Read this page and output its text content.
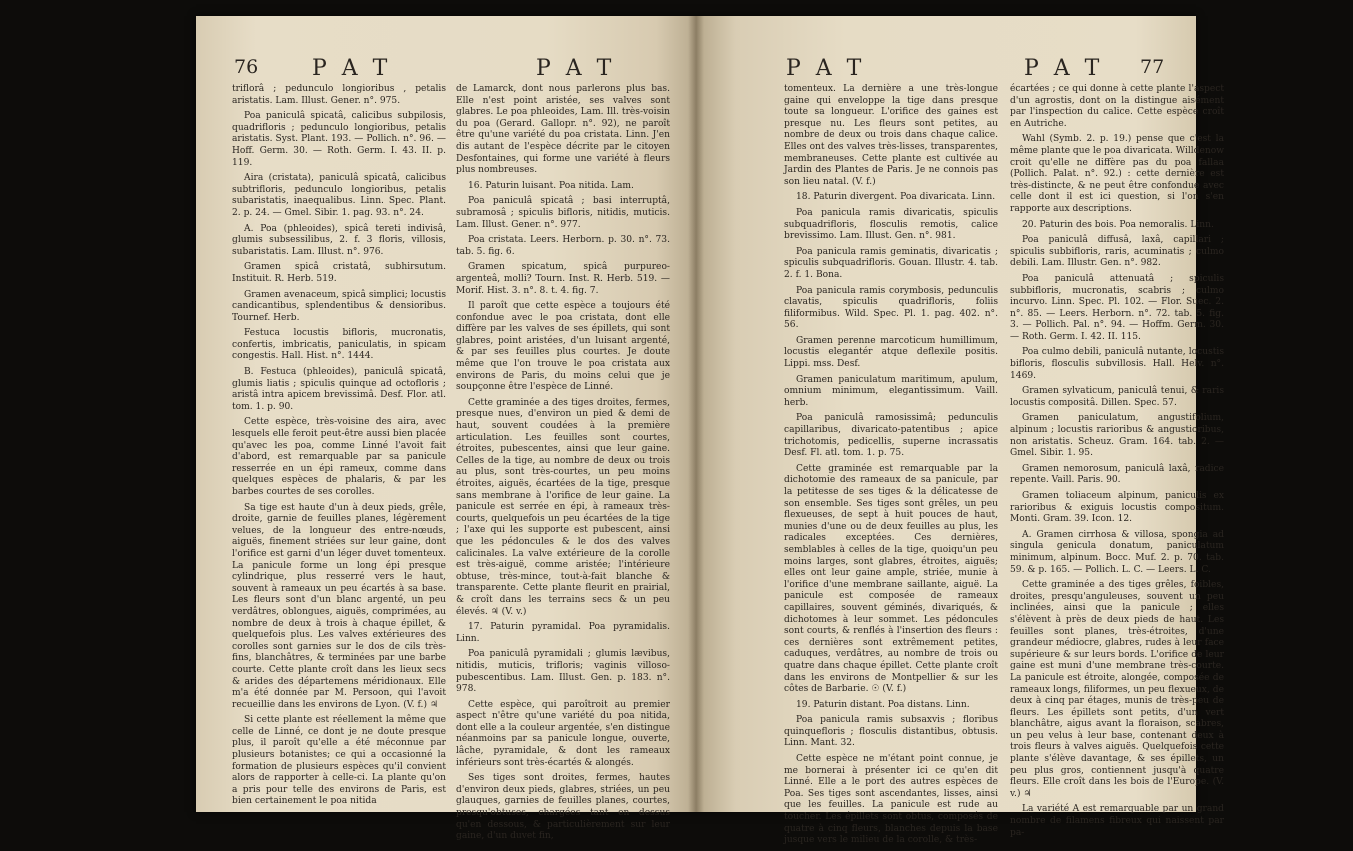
76 P A T	P A T

triflorâ ; pedunculo longioribus , petalis aristatis. Lam. Illust. Gener. n°. 975.

Poa paniculâ spicatâ, calicibus subpilosis, quadrifloris ; pedunculo longioribus, petalis aristatis. Syst. Plant. 193. — Pollich. n°. 96. — Hoff. Germ. 30. — Roth. Germ. I. 43. II. p. 119.

Aira (cristata), paniculâ spicatâ, calicibus subtrifloris, pedunculo longioribus, petalis subaristatis, inaequalibus. Linn. Spec. Plant. 2. p. 24. — Gmel. Sibir. 1. pag. 93. n°. 24.

A. Poa (phleoides), spicâ tereti indivisâ, glumis subsessilibus, 2. f. 3 floris, villosis, subaristatis. Lam. Illust. n°. 976.

Gramen spicâ cristatâ, subhirsutum. Instituit. R. Herb. 519.

Gramen avenaceum, spicâ simplici; locustis candicantibus, splendentibus & densioribus. Tournef. Herb.

Festuca locustis bifloris, mucronatis, confertis, imbricatis, paniculatis, in spicam congestis. Hall. Hist. n°. 1444.

B. Festuca (phleoides), paniculâ spicatâ, glumis liatis ; spiculis quinque ad octofloris ; aristâ intra apicem brevissimâ. Desf. Flor. atl. tom. 1. p. 90.

Cette espèce, très-voisine des aira, avec lesquels elle feroit peut-être aussi bien placée qu'avec les poa, comme Linné l'avoit fait d'abord, est remarquable par sa panicule resserrée en un épi rameux, comme dans quelques espèces de phalaris, & par les barbes courtes de ses corolles.

Sa tige est haute d'un à deux pieds, grêle, droite, garnie de feuilles planes, légèrement velues, de la longueur des entre-nœuds, aiguës, finement striées sur leur gaine, dont l'orifice est garni d'un léger duvet tomenteux. La panicule forme un long épi presque cylindrique, plus resserré vers le haut, souvent à rameaux un peu écartés à sa base. Les fleurs sont d'un blanc argenté, un peu verdâtres, oblongues, aiguës, comprimées, au nombre de deux à trois à chaque épillet, & quelquefois plus. Les valves extérieures des corolles sont garnies sur le dos de cils très-fins, blanchâtres, & terminées par une barbe courte. Cette plante croît dans les lieux secs & arides des départemens méridionaux. Elle m'a été donnée par M. Persoon, qui l'avoit recueillie dans les environs de Lyon. (V. f.) ♃

Si cette plante est réellement la même que celle de Linné, ce dont je ne doute presque plus, il paroît qu'elle a été méconnue par plusieurs botanistes; ce qui a occasionné la formation de plusieurs espèces qu'il convient alors de rapporter à celle-ci. La plante qu'on a pris pour telle des environs de Paris, est bien certainement le poa nitida

de Lamarck, dont nous parlerons plus bas. Elle n'est point aristée, ses valves sont glabres. Le poa phleoides, Lam. Ill. très-voisin du poa (Gerard. Gallopr. n°. 92), ne paroît être qu'une variété du poa cristata. Linn. J'en dis autant de l'espèce décrite par le citoyen Desfontaines, qui forme une variété à fleurs plus nombreuses.

16. Paturin luisant. Poa nitida. Lam.

Poa paniculâ spicatâ ; basi interruptâ, subramosâ ; spiculis bifloris, nitidis, muticis. Lam. Illust. Gener. n°. 977.

Poa cristata. Leers. Herborn. p. 30. n°. 73. tab. 5. fig. 6.

Gramen spicatum, spicâ purpureo-argenteâ, molli? Tourn. Inst. R. Herb. 519. — Morif. Hist. 3. n°. 8. t. 4. fig. 7.

Il paroît que cette espèce a toujours été confondue avec le poa cristata, dont elle diffère par les valves de ses épillets, qui sont glabres, point aristées, d'un luisant argenté, & par ses feuilles plus courtes. Je doute même que l'on trouve le poa cristata aux environs de Paris, du moins celui que je soupçonne être l'espèce de Linné.

Cette graminée a des tiges droites, fermes, presque nues, d'environ un pied & demi de haut, souvent coudées à la première articulation. Les feuilles sont courtes, étroites, pubescentes, ainsi que leur gaine. Celles de la tige, au nombre de deux ou trois au plus, sont très-courtes, un peu moins étroites, aiguës, écartées de la tige, presque sans membrane à l'orifice de leur gaine. La panicule est serrée en épi, à rameaux très-courts, quelquefois un peu écartées de la tige ; l'axe qui les supporte est pubescent, ainsi que les pédoncules & le dos des valves calicinales. La valve extérieure de la corolle est très-aiguë, comme aristée; l'intérieure obtuse, très-mince, tout-à-fait blanche & transparente. Cette plante fleurit en prairial, & croît dans les terrains secs & un peu élevés. ♃ (V. v.)

17. Paturin pyramidal. Poa pyramidalis. Linn.

Poa paniculâ pyramidali ; glumis lævibus, nitidis, muticis, trifloris; vaginis villoso-pubescentibus. Lam. Illust. Gen. p. 183. n°. 978.

Cette espèce, qui paroîtroit au premier aspect n'être qu'une variété du poa nitida, dont elle a la couleur argentée, s'en distingue néanmoins par sa panicule longue, ouverte, lâche, pyramidale, & dont les rameaux inférieurs sont très-écartés & alongés.

Ses tiges sont droites, fermes, hautes d'environ deux pieds, glabres, striées, un peu glauques, garnies de feuilles planes, courtes, presqu'obtuses, chargées tant en dessus qu'en dessous, & particulièrement sur leur gaine, d'un duvet fin,

P A T	P A T 77

tomenteux. La dernière a une très-longue gaine qui enveloppe la tige dans presque toute sa longueur. L'orifice des gaines est presque nu. Les fleurs sont petites, au nombre de deux ou trois dans chaque calice. Elles ont des valves très-lisses, transparentes, membraneuses. Cette plante est cultivée au Jardin des Plantes de Paris. Je ne connois pas son lieu natal. (V. f.)

18. Paturin divergent. Poa divaricata. Linn.

Poa panicula ramis divaricatis, spiculis subquadrifloris, flosculis remotis, calice brevissimo. Lam. Illust. Gen. n°. 981.

Poa panicula ramis geminatis, divaricatis ; spiculis subquadrifloris. Gouan. Illustr. 4. tab. 2. f. 1. Bona.

Poa panicula ramis corymbosis, pedunculis clavatis, spiculis quadrifloris, foliis filiformibus. Wild. Spec. Pl. 1. pag. 402. n°. 56.

Gramen perenne marcoticum humillimum, locustis elegantér atque deflexile positis. Lippi. mss. Desf.

Gramen paniculatum maritimum, apulum, omnium minimum, elegantissimum. Vaill. herb.

Poa paniculâ ramosissimâ; pedunculis capillaribus, divaricato-patentibus ; apice trichotomis, pedicellis, superne incrassatis Desf. Fl. atl. tom. 1. p. 75.

Cette graminée est remarquable par la dichotomie des rameaux de sa panicule, par la petitesse de ses tiges & la délicatesse de son ensemble. Ses tiges sont grêles, un peu flexueuses, de sept à huit pouces de haut, munies d'une ou de deux feuilles au plus, les radicales exceptées. Ces dernières, semblables à celles de la tige, quoiqu'un peu moins larges, sont glabres, étroites, aiguës; elles ont leur gaine ample, striée, munie à l'orifice d'une membrane saillante, aiguë. La panicule est composée de rameaux capillaires, souvent géminés, divariqués, & dichotomes à leur sommet. Les pédoncules sont courts, & renflés à l'insertion des fleurs : ces dernières sont extrêmement petites, caduques, verdâtres, au nombre de trois ou quatre dans chaque épillet. Cette plante croît dans les environs de Montpellier & sur les côtes de Barbarie. ☉ (V. f.)

19. Paturin distant. Poa distans. Linn.

Poa panicula ramis subsaxvis ; floribus quinquefloris ; flosculis distantibus, obtusis. Linn. Mant. 32.

Cette espèce ne m'étant point connue, je me bornerai à présenter ici ce qu'en dit Linné. Elle a le port des autres espèces de Poa. Ses tiges sont ascendantes, lisses, ainsi que les feuilles. La panicule est rude au toucher. Les épillets sont obtus, composés de quatre à cinq fleurs, blanches depuis la base jusque vers le milieu de la corolle, & très-

écartées ; ce qui donne à cette plante l'aspect d'un agrostis, dont on la distingue aisément par l'inspection du calice. Cette espèce croît en Autriche.

Wahl (Symb. 2. p. 19.) pense que c'est la même plante que le poa divaricata. Willdenow croit qu'elle ne diffère pas du poa fallaa (Pollich. Palat. n°. 92.) : cette dernière est très-distincte, & ne peut être confondue avec celle dont il est ici question, si l'on s'en rapporte aux descriptions.

20. Paturin des bois. Poa nemoralis. Linn.

Poa paniculâ diffusâ, laxâ, capillari ; spiculis subbifloris, raris, acuminatis ; culmo debili. Lam. Illustr. Gen. n°. 982.

Poa paniculâ attenuatâ ; spiculis subbifloris, mucronatis, scabris ; culmo incurvo. Linn. Spec. Pl. 102. — Flor. Suec. 2. n°. 85. — Leers. Herborn. n°. 72. tab. 5. fig. 3. — Pollich. Pal. n°. 94. — Hoffm. Germ. 30. — Roth. Germ. I. 42. II. 115.

Poa culmo debili, paniculâ nutante, locustis bifloris, flosculis subvillosis. Hall. Helv. n°. 1469.

Gramen sylvaticum, paniculâ tenui, & raris locustis compositâ. Dillen. Spec. 57.

Gramen paniculatum, angustifolium, alpinum ; locustis rarioribus & angustioribus, non aristatis. Scheuz. Gram. 164. tab. 2. — Gmel. Sibir. 1. 95.

Gramen nemorosum, paniculâ laxâ, radice repente. Vaill. Paris. 90.

Gramen toliaceum alpinum, paniculis ex rarioribus & exiguis locustis compositum. Monti. Gram. 39. Icon. 12.

A. Gramen cirrhosa & villosa, spongia ad singula genicula donatum, paniculatum minimum, alpinum. Bocc. Muf. 2. p. 70. tab. 59. & p. 165. — Pollich. L. C. — Leers. L. C.

Cette graminée a des tiges grêles, foibles, droites, presqu'anguleuses, souvent un peu inclinées, ainsi que la panicule ; elles s'élèvent à près de deux pieds de haut. Les feuilles sont planes, très-étroites, d'une grandeur médiocre, glabres, rudes à leur face supérieure & sur leurs bords. L'orifice de leur gaine est muni d'une membrane très-courte. La panicule est étroite, alongée, composée de rameaux longs, filiformes, un peu flexueux, de deux à cinq par étages, munis de très-peu de fleurs. Les épillets sont petits, d'un vert blanchâtre, aigus avant la floraison, scabres, un peu velus à leur base, contenant deux à trois fleurs à valves aiguës. Quelquefois cette plante s'élève davantage, & ses épillets, un peu plus gros, contiennent jusqu'à quatre fleurs. Elle croît dans les bois de l'Europe. (V. v.) ♃

La variété A est remarquable par un grand nombre de filamens fibreux qui naissent par pa-
